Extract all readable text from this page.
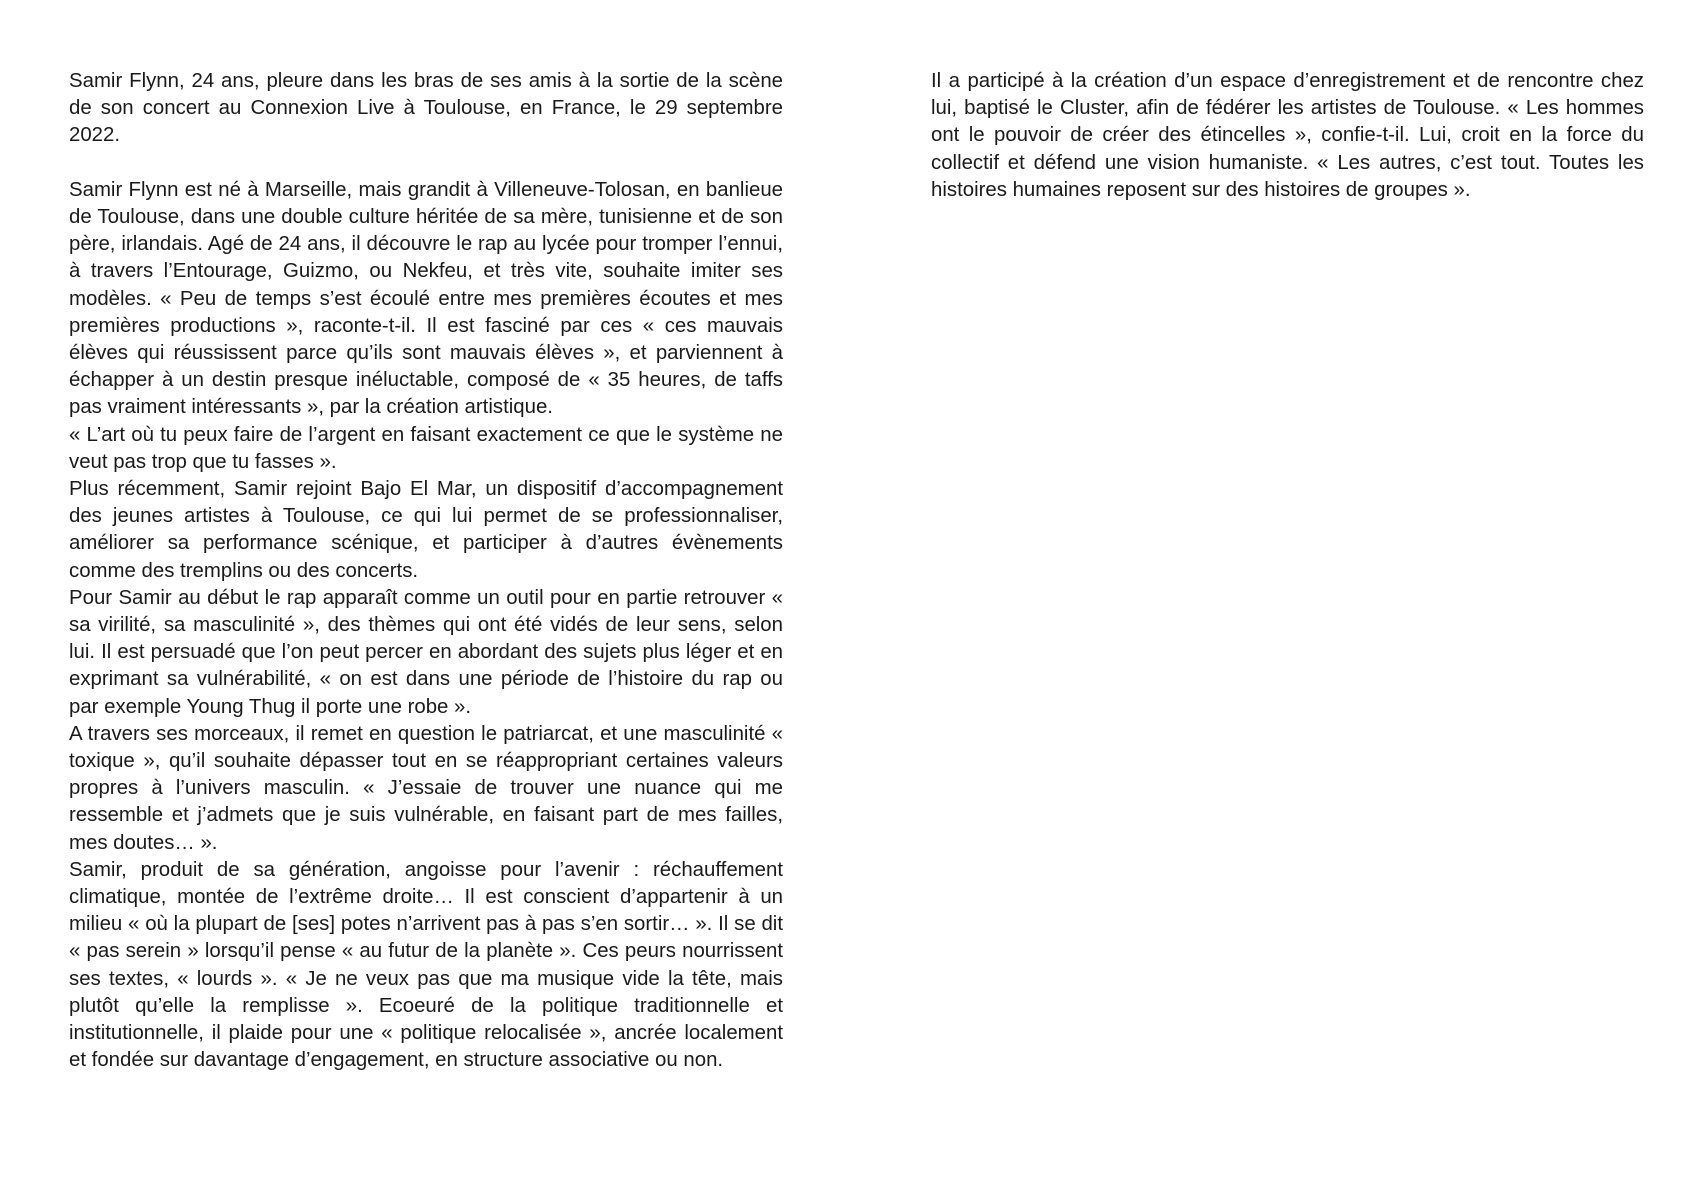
Samir Flynn, 24 ans, pleure dans les bras de ses amis à la sortie de la scène de son concert au Connexion Live à Toulouse, en France, le 29 septembre 2022.

Samir Flynn est né à Marseille, mais grandit à Villeneuve-Tolosan, en banlieue de Toulouse, dans une double culture héritée de sa mère, tunisienne et de son père, irlandais. Agé de 24 ans, il découvre le rap au lycée pour tromper l’ennui, à travers l’Entourage, Guizmo, ou Nekfeu, et très vite, souhaite imiter ses modèles. « Peu de temps s’est écoulé entre mes premières écoutes et mes premières productions », raconte-t-il. Il est fasciné par ces « ces mauvais élèves qui réussissent parce qu’ils sont mauvais élèves », et parviennent à échapper à un destin presque inéluctable, composé de « 35 heures, de taffs pas vraiment intéressants », par la création artistique.

« L’art où tu peux faire de l’argent en faisant exactement ce que le système ne veut pas trop que tu fasses ».

Plus récemment, Samir rejoint Bajo El Mar, un dispositif d’accompagnement des jeunes artistes à Toulouse, ce qui lui permet de se professionnaliser, améliorer sa performance scénique, et participer à d’autres évènements comme des tremplins ou des concerts.

Pour Samir au début le rap apparaît comme un outil pour en partie retrouver « sa virilité, sa masculinité », des thèmes qui ont été vidés de leur sens, selon lui. Il est persuadé que l’on peut percer en abordant des sujets plus léger et en exprimant sa vulnérabilité, « on est dans une période de l’histoire du rap ou par exemple Young Thug il porte une robe ».

A travers ses morceaux, il remet en question le patriarcat, et une masculinité « toxique », qu’il souhaite dépasser tout en se réappropriant certaines valeurs propres à l’univers masculin. « J’essaie de trouver une nuance qui me ressemble et j’admets que je suis vulnérable, en faisant part de mes failles, mes doutes… ».

Samir, produit de sa génération, angoisse pour l’avenir : réchauffement climatique, montée de l’extrême droite… Il est conscient d’appartenir à un milieu « où la plupart de [ses] potes n’arrivent pas à pas s’en sortir… ». Il se dit « pas serein » lorsqu’il pense « au futur de la planète ». Ces peurs nourrissent ses textes, « lourds ». « Je ne veux pas que ma musique vide la tête, mais plutôt qu’elle la remplisse ». Ecoeuré de la politique traditionnelle et institutionnelle, il plaide pour une « politique relocalisée », ancrée localement et fondée sur davantage d’engagement, en structure associative ou non.

Il a participé à la création d’un espace d’enregistrement et de rencontre chez lui, baptisé le Cluster, afin de fédérer les artistes de Toulouse. « Les hommes ont le pouvoir de créer des étincelles », confie-t-il. Lui, croit en la force du collectif et défend une vision humaniste. « Les autres, c’est tout. Toutes les histoires humaines reposent sur des histoires de groupes ».
